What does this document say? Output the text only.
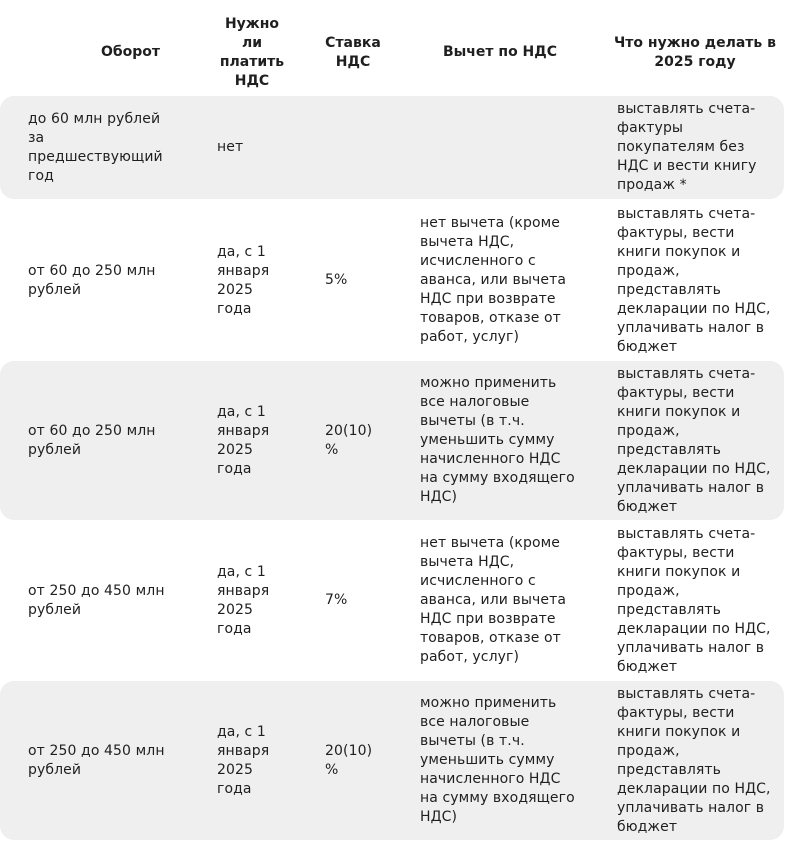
Оборот
Нужно
ли
платить
НДС
Ставка
НДС
Вычет по НДС
Что нужно делать в
2025 году
до 60 млн рублей
за
предшествующий
год
нет
выставлять счета-
фактуры
покупателям без
НДС и вести книгу
продаж *
от 60 до 250 млн
рублей
да, с 1
января
2025
года
5%
нет вычета (кроме
вычета НДС,
исчисленного с
аванса, или вычета
НДС при возврате
товаров, отказе от
работ, услуг)
выставлять счета-
фактуры, вести
книги покупок и
продаж,
представлять
декларации по НДС,
уплачивать налог в
бюджет
от 60 до 250 млн
рублей
да, с 1
января
2025
года
20(10)
%
можно применить
все налоговые
вычеты (в т.ч.
уменьшить сумму
начисленного НДС
на сумму входящего
НДС)
выставлять счета-
фактуры, вести
книги покупок и
продаж,
представлять
декларации по НДС,
уплачивать налог в
бюджет
от 250 до 450 млн
рублей
да, с 1
января
2025
года
7%
нет вычета (кроме
вычета НДС,
исчисленного с
аванса, или вычета
НДС при возврате
товаров, отказе от
работ, услуг)
выставлять счета-
фактуры, вести
книги покупок и
продаж,
представлять
декларации по НДС,
уплачивать налог в
бюджет
от 250 до 450 млн
рублей
да, с 1
января
2025
года
20(10)
%
можно применить
все налоговые
вычеты (в т.ч.
уменьшить сумму
начисленного НДС
на сумму входящего
НДС)
выставлять счета-
фактуры, вести
книги покупок и
продаж,
представлять
декларации по НДС,
уплачивать налог в
бюджет
